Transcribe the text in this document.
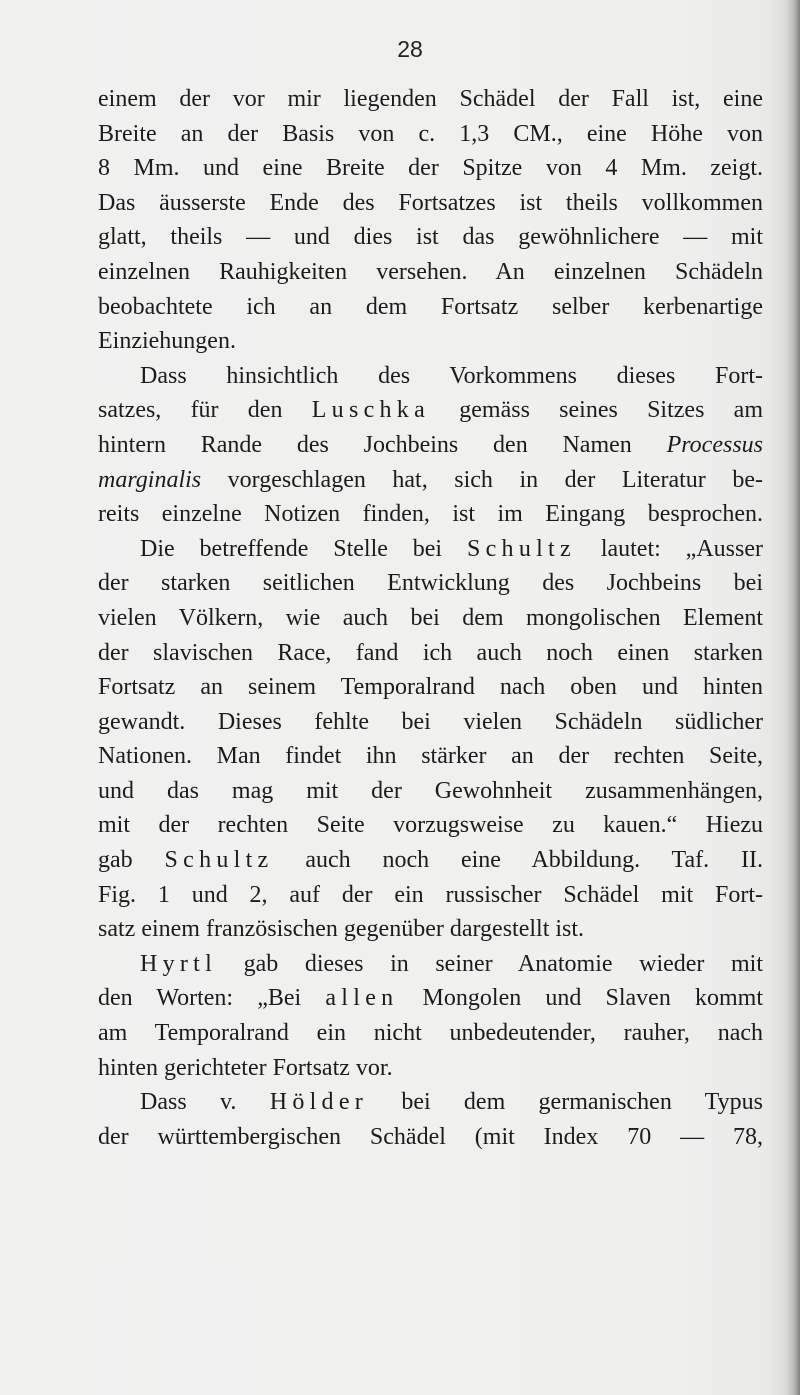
28
einem der vor mir liegenden Schädel der Fall ist, eine
Breite an der Basis von c. 1,3 CM., eine Höhe von
8 Mm. und eine Breite der Spitze von 4 Mm. zeigt.
Das äusserste Ende des Fortsatzes ist theils vollkommen
glatt, theils — und dies ist das gewöhnlichere — mit
einzelnen Rauhigkeiten versehen. An einzelnen Schädeln
beobachtete ich an dem Fortsatz selber kerbenartige
Einziehungen.
Dass hinsichtlich des Vorkommens dieses Fort-
satzes, für den Luschka gemäss seines Sitzes am
hintern Rande des Jochbeins den Namen Processus
marginalis vorgeschlagen hat, sich in der Literatur be-
reits einzelne Notizen finden, ist im Eingang besprochen.
Die betreffende Stelle bei Schultz lautet: „Ausser
der starken seitlichen Entwicklung des Jochbeins bei
vielen Völkern, wie auch bei dem mongolischen Element
der slavischen Race, fand ich auch noch einen starken
Fortsatz an seinem Temporalrand nach oben und hinten
gewandt. Dieses fehlte bei vielen Schädeln südlicher
Nationen. Man findet ihn stärker an der rechten Seite,
und das mag mit der Gewohnheit zusammenhängen,
mit der rechten Seite vorzugsweise zu kauen.“ Hiezu
gab Schultz auch noch eine Abbildung. Taf. II.
Fig. 1 und 2, auf der ein russischer Schädel mit Fort-
satz einem französischen gegenüber dargestellt ist.
Hyrtl gab dieses in seiner Anatomie wieder mit
den Worten: „Bei allen Mongolen und Slaven kommt
am Temporalrand ein nicht unbedeutender, rauher, nach
hinten gerichteter Fortsatz vor.
Dass v. Hölder bei dem germanischen Typus
der württembergischen Schädel (mit Index 70 — 78,
